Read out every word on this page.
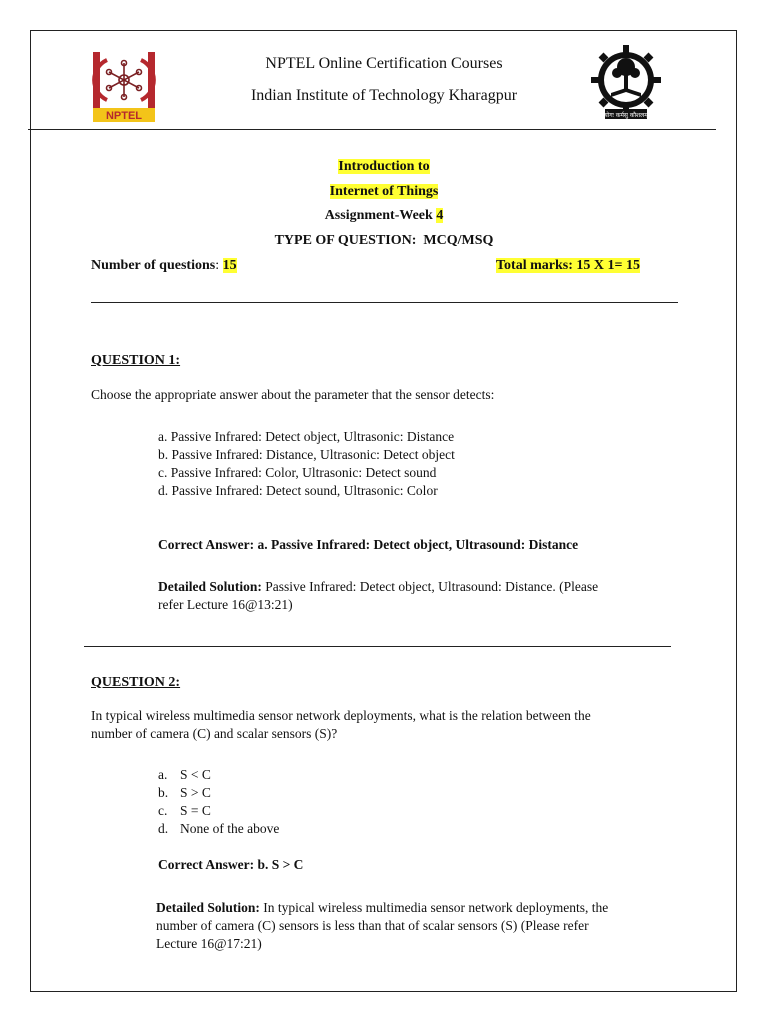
NPTEL
NPTEL Online Certification Courses
Indian Institute of Technology Kharagpur
योगः कर्मसु कौशलम्
Introduction to
Internet of Things
Assignment-Week 4
TYPE OF QUESTION:  MCQ/MSQ
Number of questions: 15	Total marks: 15 X 1= 15
QUESTION 1:
Choose the appropriate answer about the parameter that the sensor detects:
a. Passive Infrared: Detect object, Ultrasonic: Distance
b. Passive Infrared: Distance, Ultrasonic: Detect object
c. Passive Infrared: Color, Ultrasonic: Detect sound
d. Passive Infrared: Detect sound, Ultrasonic: Color
Correct Answer: a. Passive Infrared: Detect object, Ultrasound: Distance
Detailed Solution: Passive Infrared: Detect object, Ultrasound: Distance. (Please
refer Lecture 16@13:21)
QUESTION 2:
In typical wireless multimedia sensor network deployments, what is the relation between the
number of camera (C) and scalar sensors (S)?
a. S < C
b. S > C
c. S = C
d. None of the above
Correct Answer: b. S > C
Detailed Solution: In typical wireless multimedia sensor network deployments, the
number of camera (C) sensors is less than that of scalar sensors (S) (Please refer
Lecture 16@17:21)
